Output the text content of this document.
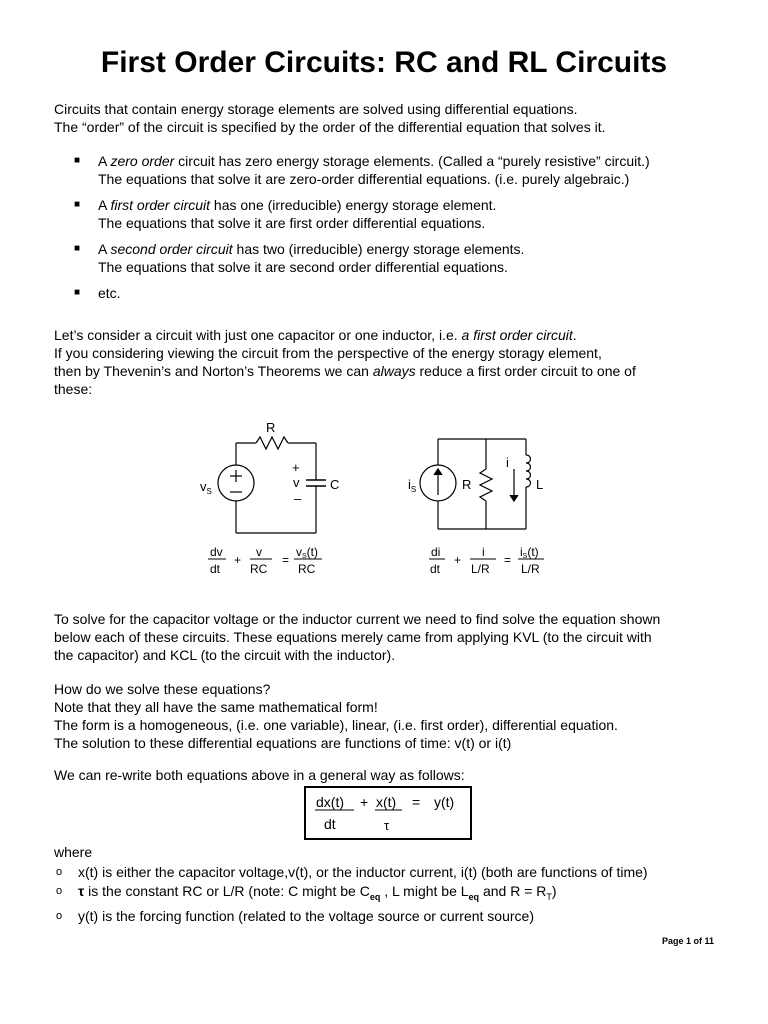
First Order Circuits: RC and RL Circuits
Circuits that contain energy storage elements are solved using differential equations.
The “order” of the circuit is specified by the order of the differential equation that solves it.
■ A zero order circuit has zero energy storage elements. (Called a “purely resistive” circuit.)
The equations that solve it are zero-order differential equations. (i.e. purely algebraic.)
■ A first order circuit has one (irreducible) energy storage element.
The equations that solve it are first order differential equations.
■ A second order circuit has two (irreducible) energy storage elements.
The equations that solve it are second order differential equations.
■ etc.
Let’s consider a circuit with just one capacitor or one inductor, i.e. a first order circuit.
If you considering viewing the circuit from the perspective of the energy storagy element,
then by Thevenin’s and Norton’s Theorems we can always reduce a first order circuit to one of
these:
R
$v_S$
+
v
–
C
dv
dt
+
v
RC
=
vS(t)
RC
$i_S$	R
i
L
di
dt
+
i
L/R
=
iS(t)
L/R
To solve for the capacitor voltage or the inductor current we need to find solve the equation shown
below each of these circuits. These equations merely came from applying KVL (to the circuit with
the capacitor) and KCL (to the circuit with the inductor).
How do we solve these equations?
Note that they all have the same mathematical form!
The form is a homogeneous, (i.e. one variable), linear, (i.e. first order), differential equation.
The solution to these differential equations are functions of time: v(t) or i(t)
We can re-write both equations above in a general way as follows:
dx(t) + x(t) = y(t)
dt	τ
where
o x(t) is either the capacitor voltage,v(t), or the inductor current, i(t) (both are functions of time)
o τ is the constant RC or L/R (note: C might be $C_{eq}$ , L might be $L_{eq}$ and $R = R_T$)
o y(t) is the forcing function (related to the voltage source or current source)
Page 1 of 11
